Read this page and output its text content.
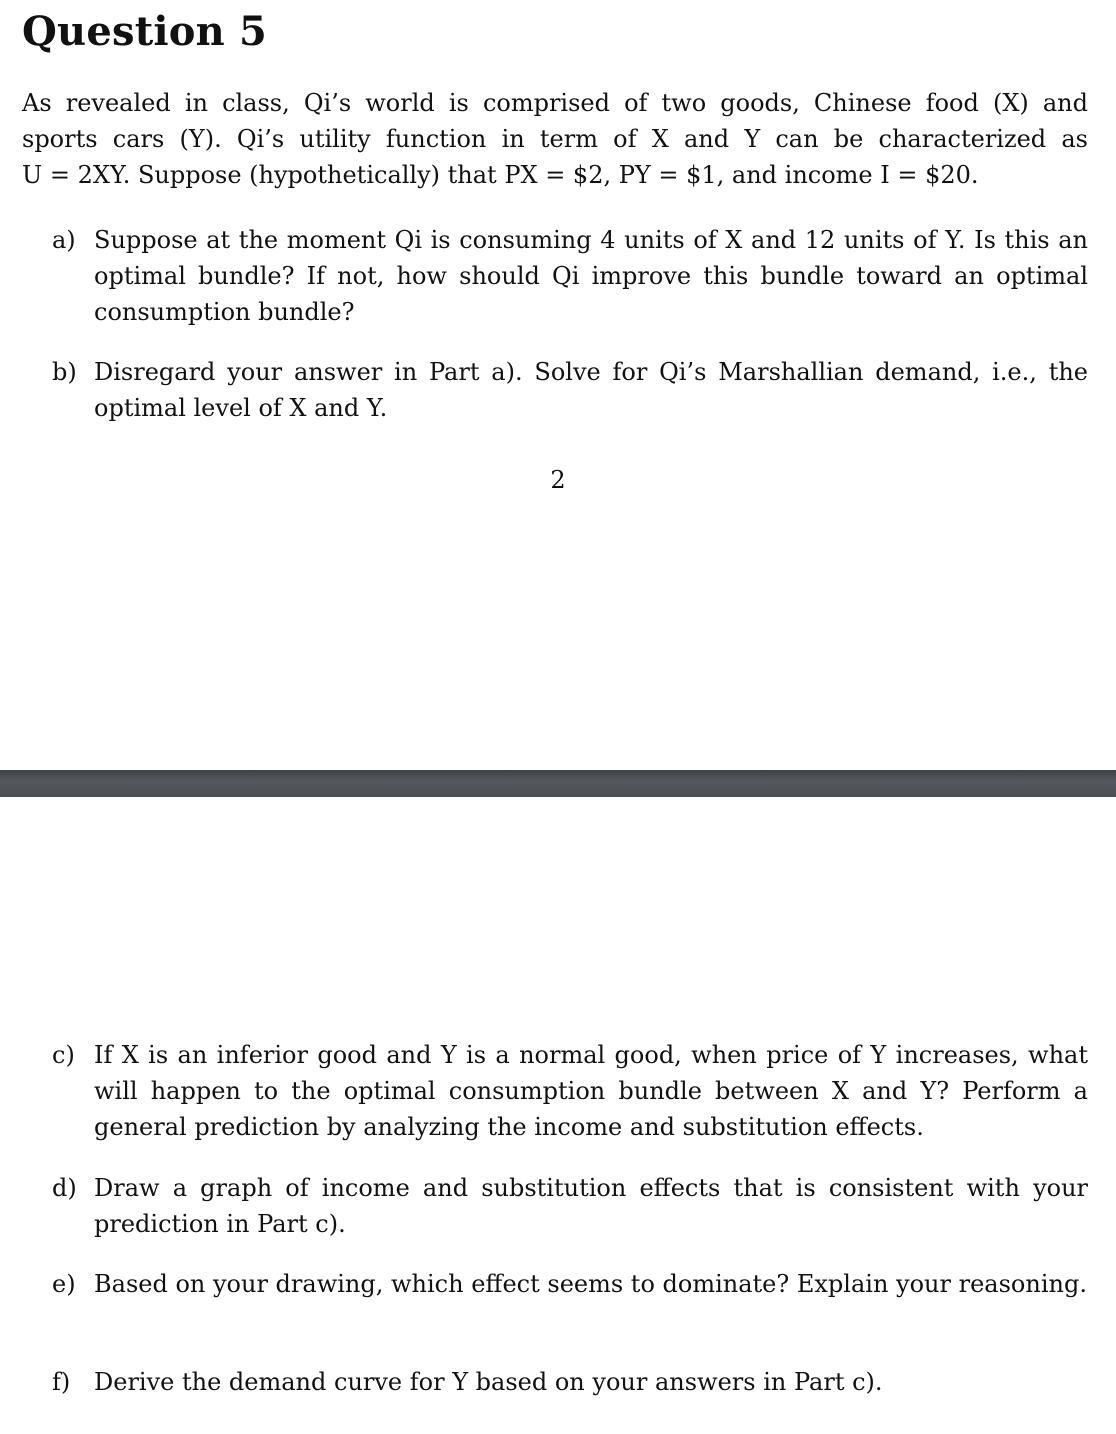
Question 5
As revealed in class, Qi’s world is comprised of two goods, Chinese food (X) and
sports cars (Y). Qi’s utility function in term of X and Y can be characterized as
U = 2XY. Suppose (hypothetically) that PX = $2, PY = $1, and income I = $20.
a) Suppose at the moment Qi is consuming 4 units of X and 12 units of Y. Is this an optimal bundle? If not, how should Qi improve this bundle toward an optimal consumption bundle?
b) Disregard your answer in Part a). Solve for Qi’s Marshallian demand, i.e., the optimal level of X and Y.
2
c) If X is an inferior good and Y is a normal good, when price of Y increases, what will happen to the optimal consumption bundle between X and Y? Perform a general prediction by analyzing the income and substitution effects.
d) Draw a graph of income and substitution effects that is consistent with your prediction in Part c).
e) Based on your drawing, which effect seems to dominate? Explain your reasoning.
f) Derive the demand curve for Y based on your answers in Part c).
